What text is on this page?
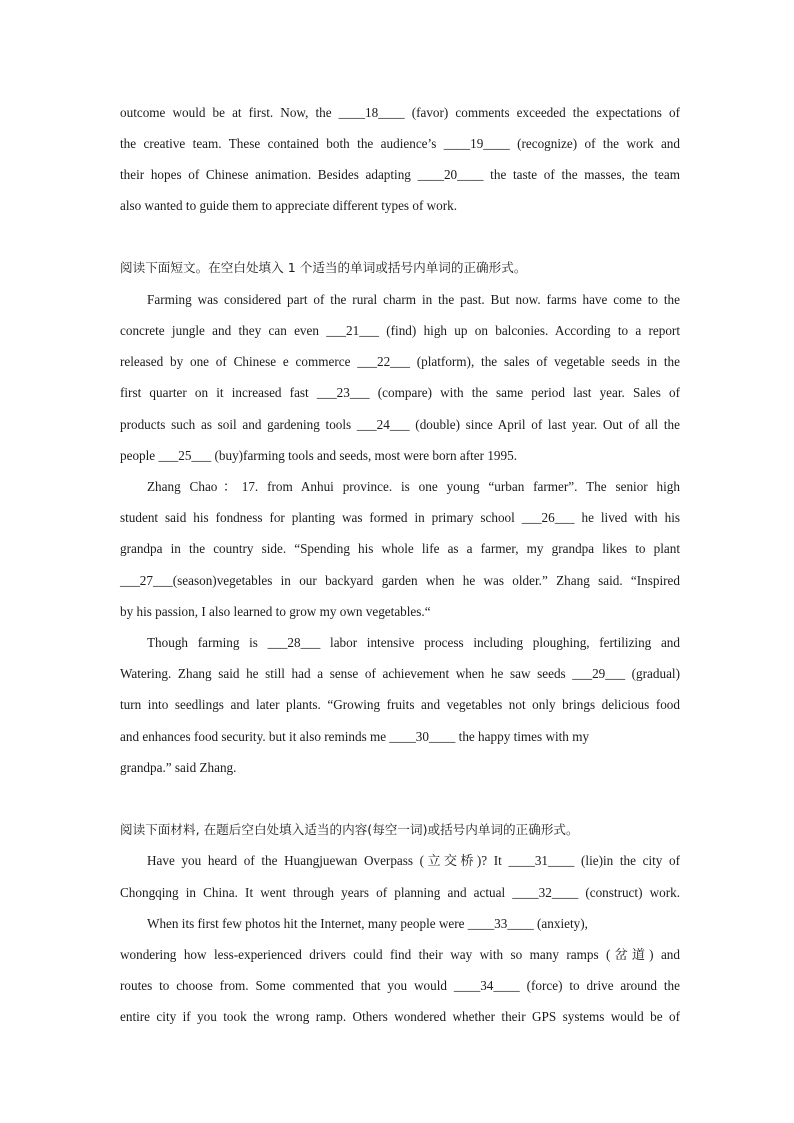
outcome would be at first. Now, the ____18____ (favor) comments exceeded the expectations of
the creative team. These contained both the audience’s ____19____ (recognize) of the work and
their hopes of Chinese animation. Besides adapting ____20____ the taste of the masses, the team
also wanted to guide them to appreciate different types of work.
阅读下面短文。在空白处填入 1 个适当的单词或括号内单词的正确形式。
Farming was considered part of the rural charm in the past. But now. farms have come to the
concrete jungle and they can even ___21___ (find) high up on balconies. According to a report
released by one of Chinese e commerce ___22___ (platform), the sales of vegetable seeds in the
first quarter on it increased fast ___23___ (compare) with the same period last year. Sales of
products such as soil and gardening tools ___24___ (double) since April of last year. Out of all the
people ___25___ (buy)farming tools and seeds, most were born after 1995.
Zhang Chao：17. from Anhui province. is one young “urban farmer”. The senior high
student said his fondness for planting was formed in primary school ___26___ he lived with his
grandpa in the country side. “Spending his whole life as a farmer, my grandpa likes to plant
___27___(season)vegetables in our backyard garden when he was older.” Zhang said. “Inspired
by his passion, I also learned to grow my own vegetables.“
Though farming is ___28___ labor intensive process including ploughing, fertilizing and
Watering. Zhang said he still had a sense of achievement when he saw seeds ___29___ (gradual)
turn into seedlings and later plants. “Growing fruits and vegetables not only brings delicious food
and enhances food security. but it also reminds me ____30____ the happy times with my
grandpa.” said Zhang.
阅读下面材料, 在题后空白处填入适当的内容(每空一词)或括号内单词的正确形式。
Have you heard of the Huangjuewan Overpass (立交桥)? It ____31____ (lie)in the city of
Chongqing in China. It went through years of planning and actual ____32____ (construct) work.
When its first few photos hit the Internet, many people were ____33____ (anxiety),
wondering how less-experienced drivers could find their way with so many ramps (岔道) and
routes to choose from. Some commented that you would ____34____ (force) to drive around the
entire city if you took the wrong ramp. Others wondered whether their GPS systems would be of
